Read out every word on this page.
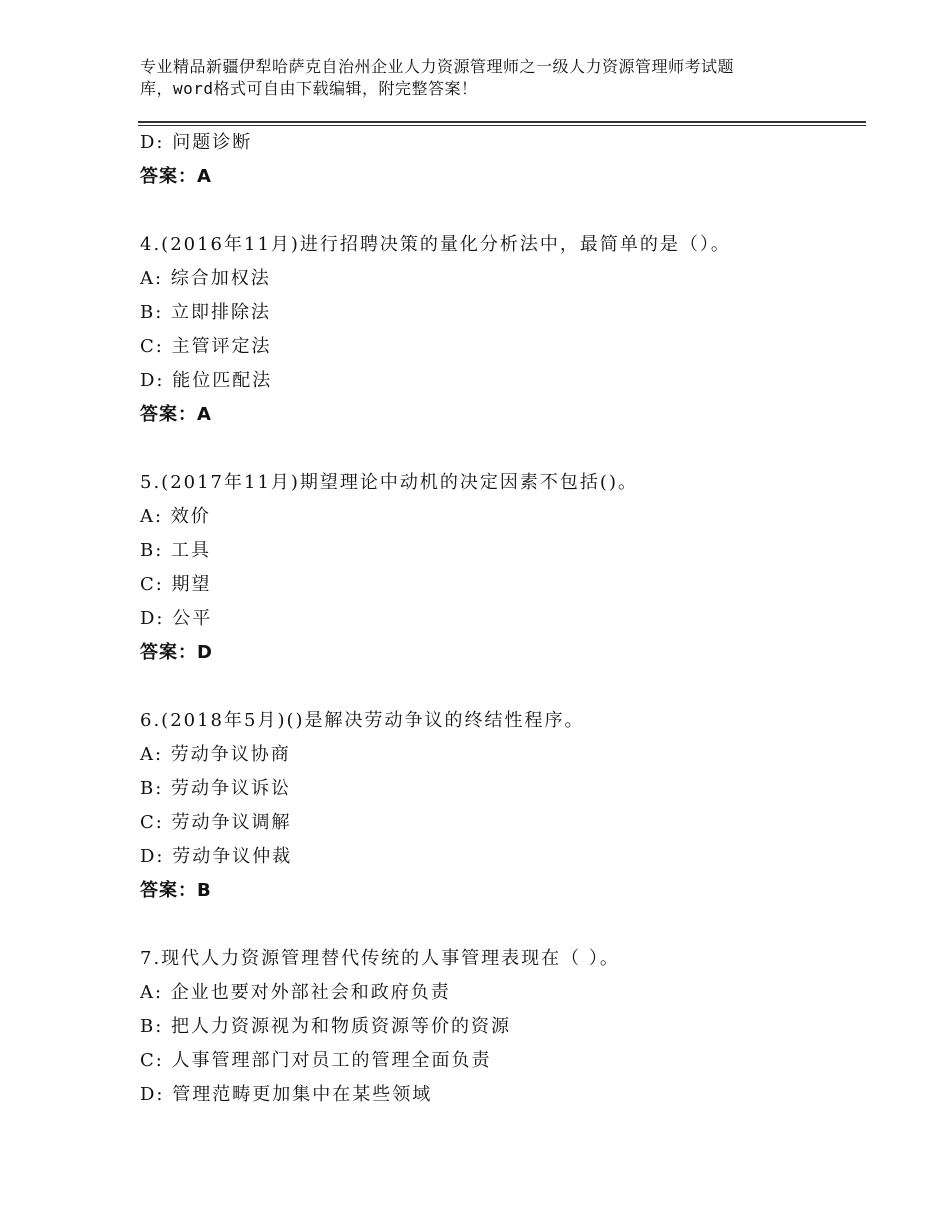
专业精品新疆伊犁哈萨克自治州企业人力资源管理师之一级人力资源管理师考试题
库，word格式可自由下载编辑，附完整答案！
D: 问题诊断
答案：A
4.(2016年11月)进行招聘决策的量化分析法中，最简单的是（）。
A: 综合加权法
B: 立即排除法
C: 主管评定法
D: 能位匹配法
答案：A
5.(2017年11月)期望理论中动机的决定因素不包括()。
A: 效价
B: 工具
C: 期望
D: 公平
答案：D
6.(2018年5月)()是解决劳动争议的终结性程序。
A: 劳动争议协商
B: 劳动争议诉讼
C: 劳动争议调解
D: 劳动争议仲裁
答案：B
7.现代人力资源管理替代传统的人事管理表现在（ ）。
A: 企业也要对外部社会和政府负责
B: 把人力资源视为和物质资源等价的资源
C: 人事管理部门对员工的管理全面负责
D: 管理范畴更加集中在某些领域
